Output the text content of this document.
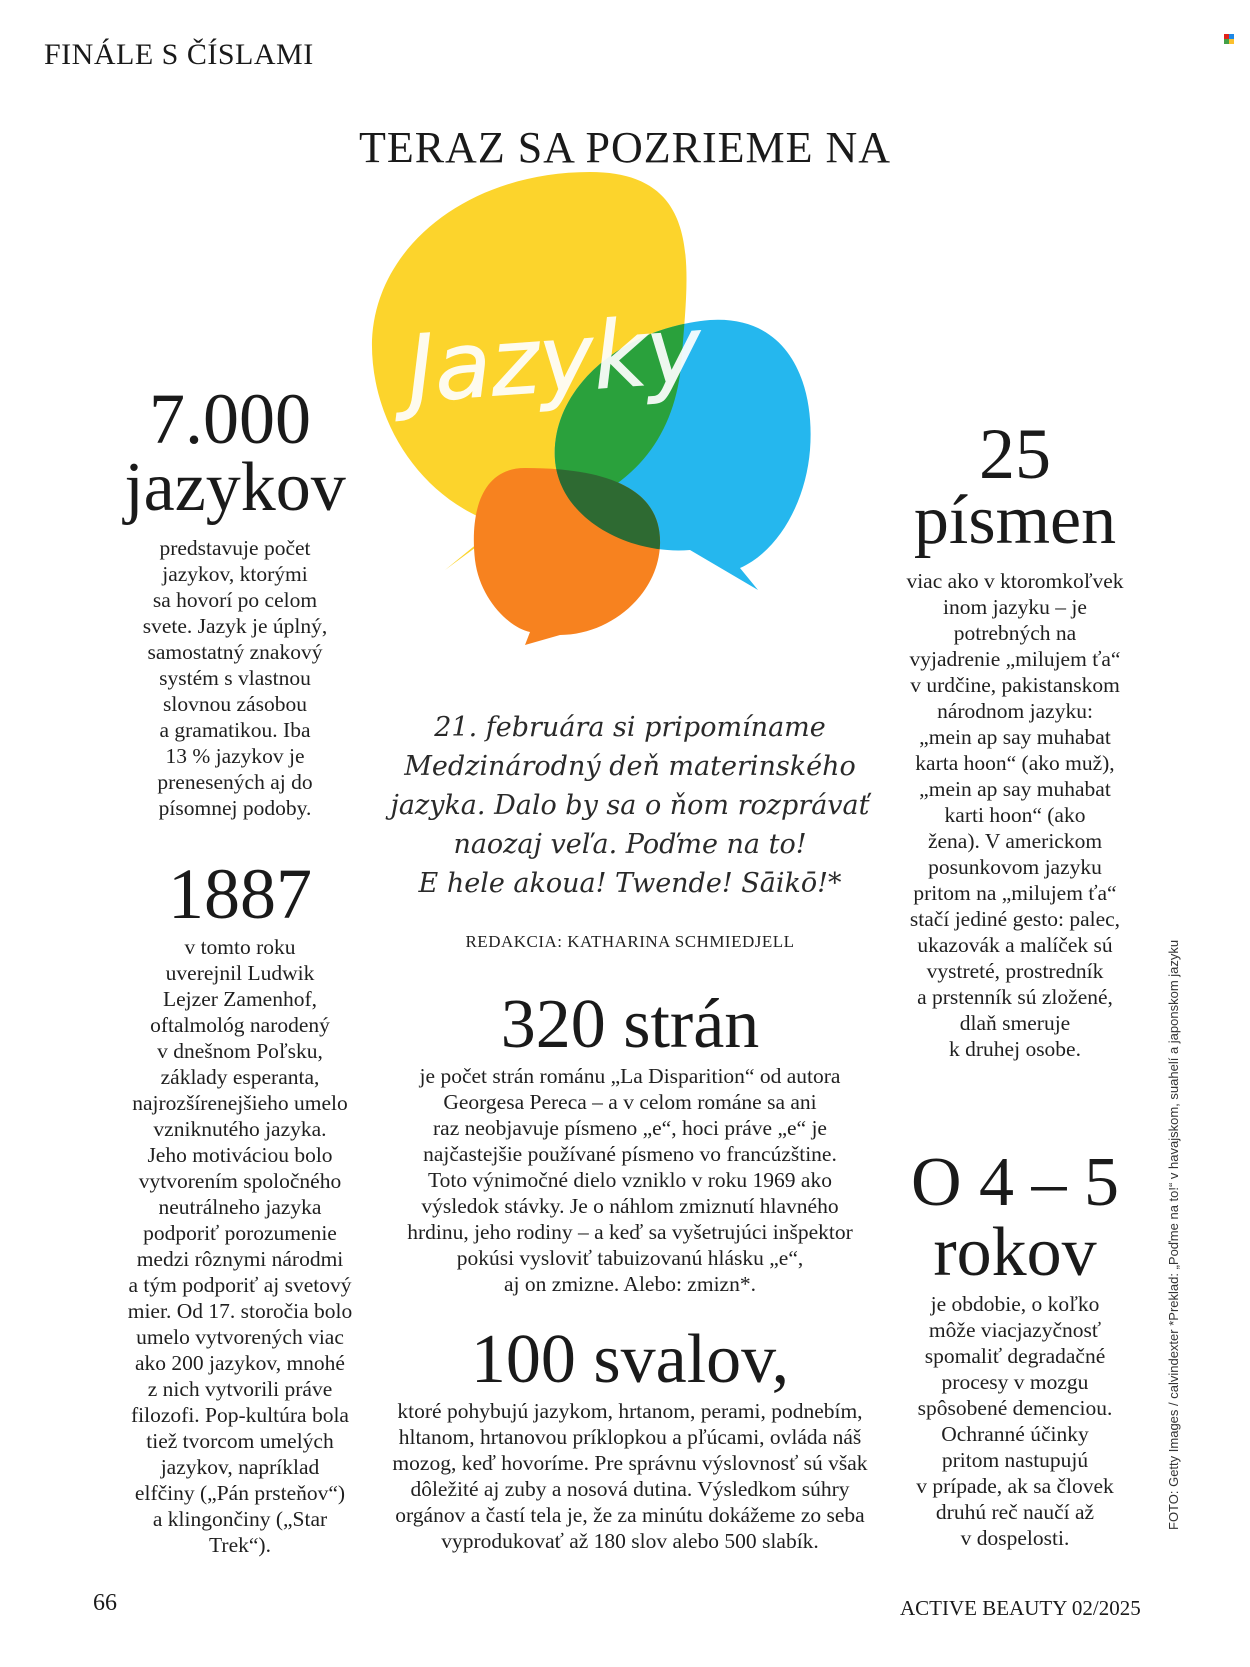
FINÁLE S ČÍSLAMI
TERAZ SA POZRIEME NA
Jazyky
7.000
jazykov
predstavuje počet
jazykov, ktorými
sa hovorí po celom
svete. Jazyk je úplný,
samostatný znakový
systém s vlastnou
slovnou zásobou
a gramatikou. Iba
13 % jazykov je
prenesených aj do
písomnej podoby.
1887
v tomto roku
uverejnil Ludwik
Lejzer Zamenhof,
oftalmológ narodený
v dnešnom Poľsku,
základy esperanta,
najrozšírenejšieho umelo
vzniknutého jazyka.
Jeho motiváciou bolo
vytvorením spoločného
neutrálneho jazyka
podporiť porozumenie
medzi rôznymi národmi
a tým podporiť aj svetový
mier. Od 17. storočia bolo
umelo vytvorených viac
ako 200 jazykov, mnohé
z nich vytvorili práve
filozofi. Pop-kultúra bola
tiež tvorcom umelých
jazykov, napríklad
elfčiny („Pán prsteňov“)
a klingončiny („Star
Trek“).
21. februára si pripomíname
Medzinárodný deň materinského
jazyka. Dalo by sa o ňom rozprávať
naozaj veľa. Poďme na to!
E hele akoua! Twende! Sāikō!*
REDAKCIA: KATHARINA SCHMIEDJELL
320 strán
je počet strán románu „La Disparition“ od autora
Georgesa Pereca – a v celom románe sa ani
raz neobjavuje písmeno „e“, hoci práve „e“ je
najčastejšie používané písmeno vo francúzštine.
Toto výnimočné dielo vzniklo v roku 1969 ako
výsledok stávky. Je o náhlom zmiznutí hlavného
hrdinu, jeho rodiny – a keď sa vyšetrujúci inšpektor
pokúsi vysloviť tabuizovanú hlásku „e“,
aj on zmizne. Alebo: zmizn*.
100 svalov,
ktoré pohybujú jazykom, hrtanom, perami, podnebím,
hltanom, hrtanovou príklopkou a pľúcami, ovláda náš
mozog, keď hovoríme. Pre správnu výslovnosť sú však
dôležité aj zuby a nosová dutina. Výsledkom súhry
orgánov a častí tela je, že za minútu dokážeme zo seba
vyprodukovať až 180 slov alebo 500 slabík.
25
písmen
viac ako v ktoromkoľvek
inom jazyku – je
potrebných na
vyjadrenie „milujem ťa“
v urdčine, pakistanskom
národnom jazyku:
„mein ap say muhabat
karta hoon“ (ako muž),
„mein ap say muhabat
karti hoon“ (ako
žena). V americkom
posunkovom jazyku
pritom na „milujem ťa“
stačí jediné gesto: palec,
ukazovák a malíček sú
vystreté, prostredník
a prstenník sú zložené,
dlaň smeruje
k druhej osobe.
O 4 – 5
rokov
je obdobie, o koľko
môže viacjazyčnosť
spomaliť degradačné
procesy v mozgu
spôsobené demenciou.
Ochranné účinky
pritom nastupujú
v prípade, ak sa človek
druhú reč naučí až
v dospelosti.
FOTO: Getty Images / calvindexter *Preklad: „Poďme na to!“ v havajskom, suahelí a japonskom jazyku
66	ACTIVE BEAUTY 02/2025
